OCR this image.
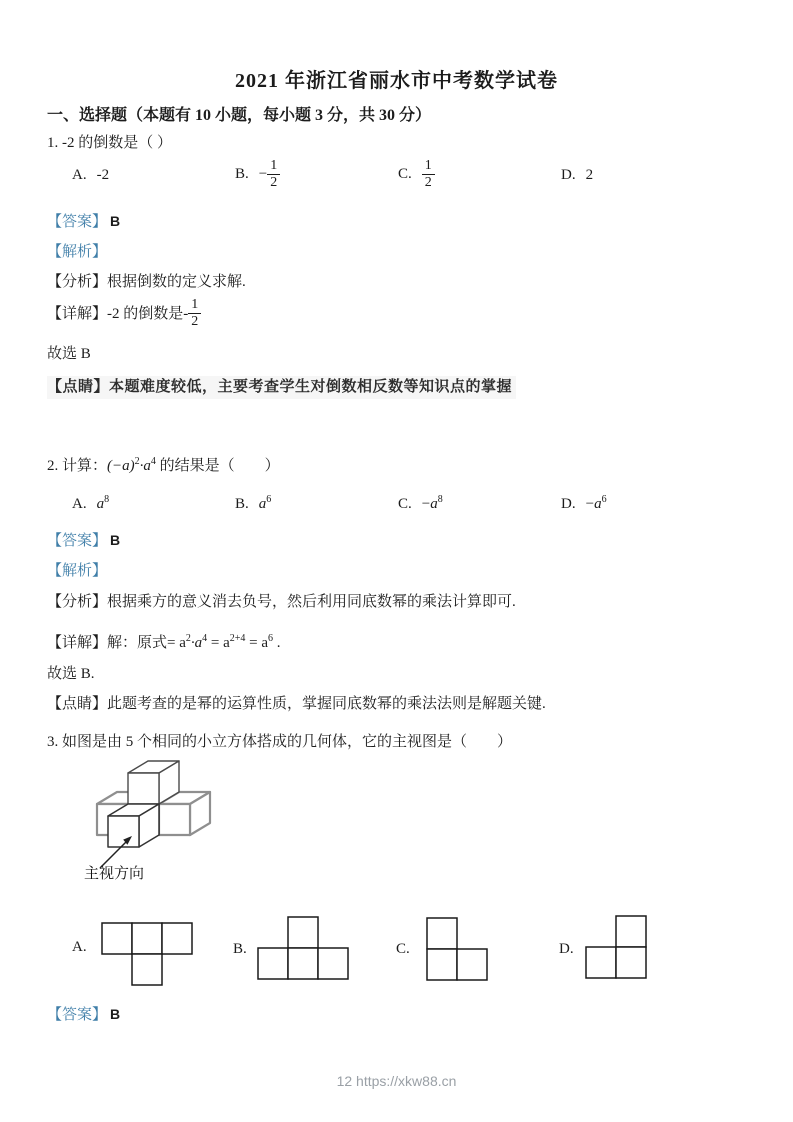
2021 年浙江省丽水市中考数学试卷
一、选择题（本题有 10 小题，每小题 3 分，共 30 分）
1. -2 的倒数是（ ）
A. -2	B. − $\frac{1}{2}$	C. $\frac{1}{2}$	D. 2
【答案】 B
【解析】
【分析】根据倒数的定义求解.
【详解】 -2 的倒数是- $\frac{1}{2}$
故选 B
【点睛】本题难度较低，主要考查学生对倒数相反数等知识点的掌握
2. 计算：$(-a)^2\cdot a^4$ 的结果是（　　）
A. $a^8$	B. $a^6$	C. $-a^8$	D. $-a^6$
【答案】 B
【解析】
【分析】根据乘方的意义消去负号，然后利用同底数幂的乘法计算即可.
【详解】解：原式= $a^2\cdot a^4 = a^{2+4} = a^6$ .
故选 B.
【点睛】此题考查的是幂的运算性质，掌握同底数幂的乘法法则是解题关键.
3. 如图是由 5 个相同的小立方体搭成的几何体，它的主视图是（　　）
主视方向
A.	B.	C.	D.
【答案】 B
12 https://xkw88.cn
